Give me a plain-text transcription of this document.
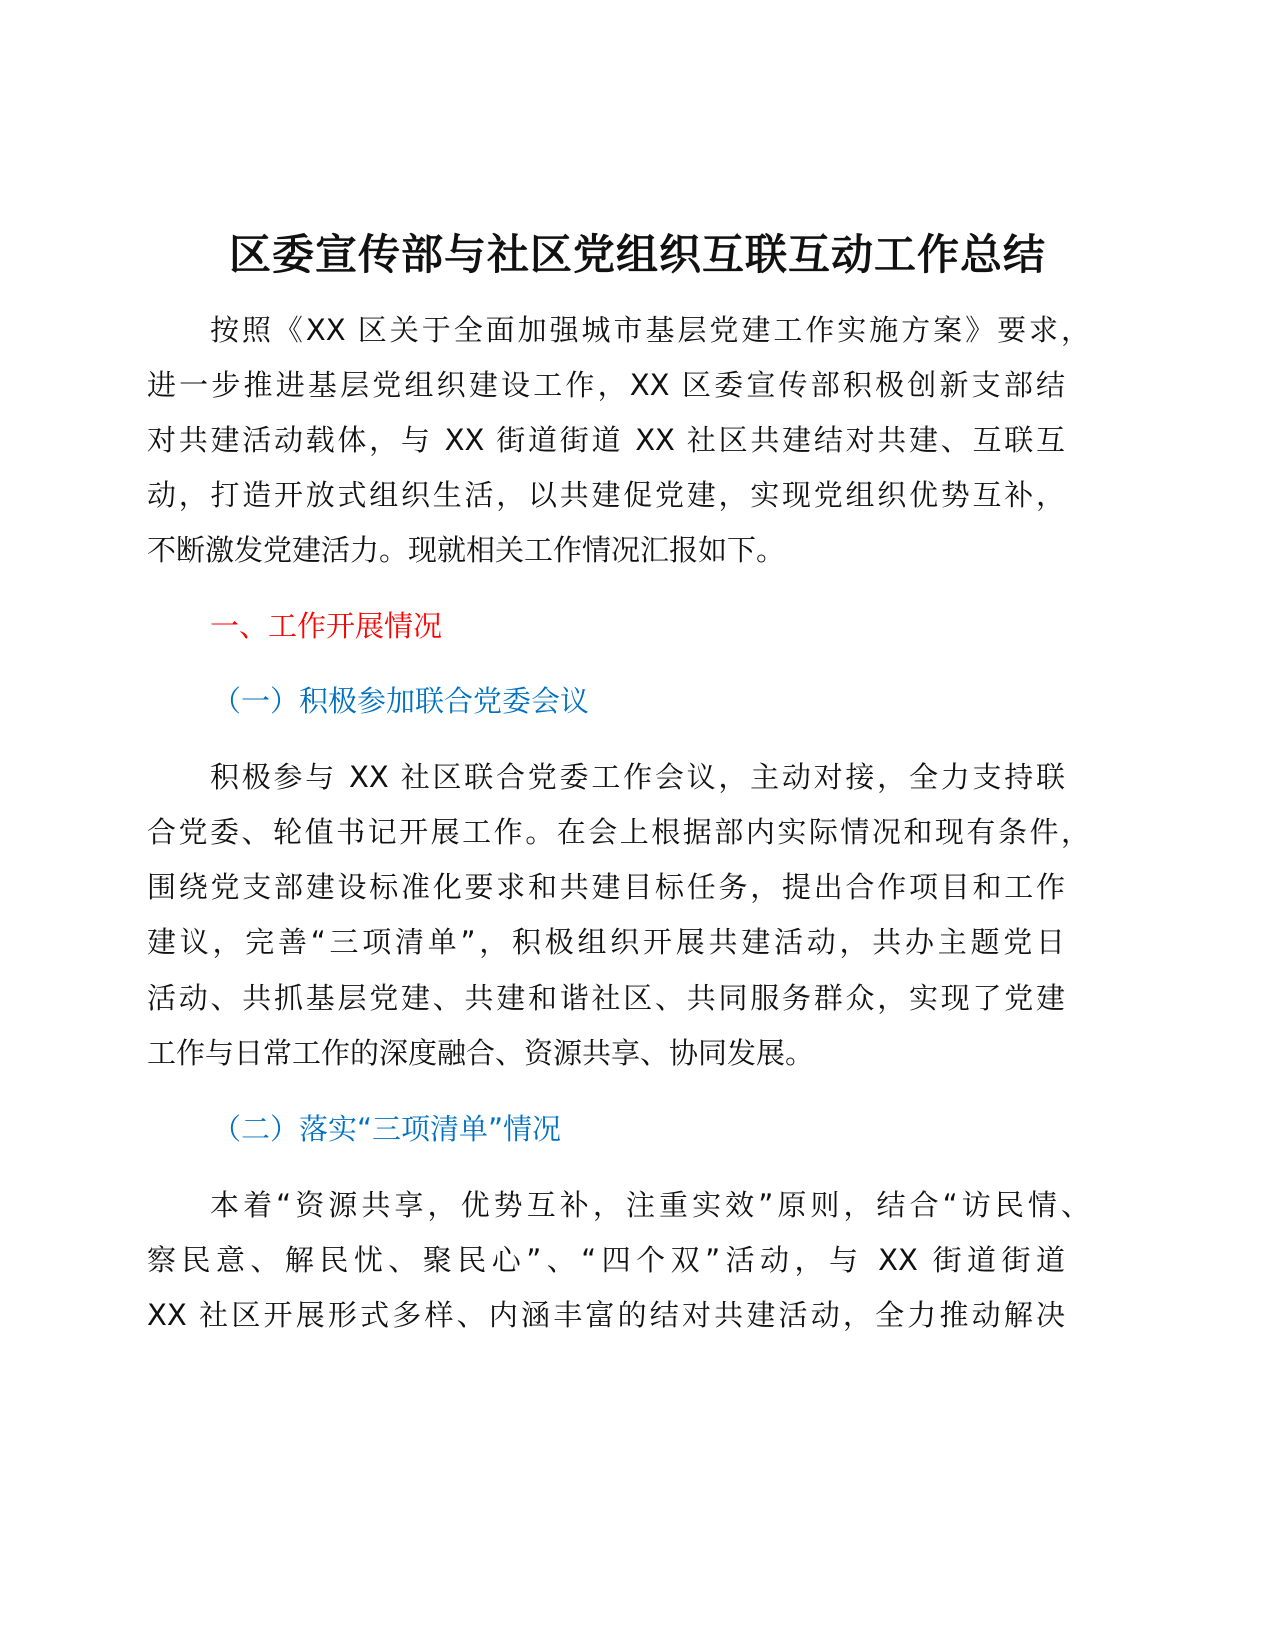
区委宣传部与社区党组织互联互动工作总结
按照《XX 区关于全面加强城市基层党建工作实施方案》要求，
进一步推进基层党组织建设工作，XX 区委宣传部积极创新支部结
对共建活动载体，与 XX 街道街道 XX 社区共建结对共建、互联互
动，打造开放式组织生活，以共建促党建，实现党组织优势互补，
不断激发党建活力。现就相关工作情况汇报如下。
一、工作开展情况
（一）积极参加联合党委会议
积极参与 XX 社区联合党委工作会议，主动对接，全力支持联
合党委、轮值书记开展工作。在会上根据部内实际情况和现有条件，
围绕党支部建设标准化要求和共建目标任务，提出合作项目和工作
建议，完善“三项清单”，积极组织开展共建活动，共办主题党日
活动、共抓基层党建、共建和谐社区、共同服务群众，实现了党建
工作与日常工作的深度融合、资源共享、协同发展。
（二）落实“三项清单”情况
本着“资源共享，优势互补，注重实效”原则，结合“访民情、
察民意、解民忧、聚民心”、“四个双”活动，与 XX 街道街道
XX 社区开展形式多样、内涵丰富的结对共建活动，全力推动解决
